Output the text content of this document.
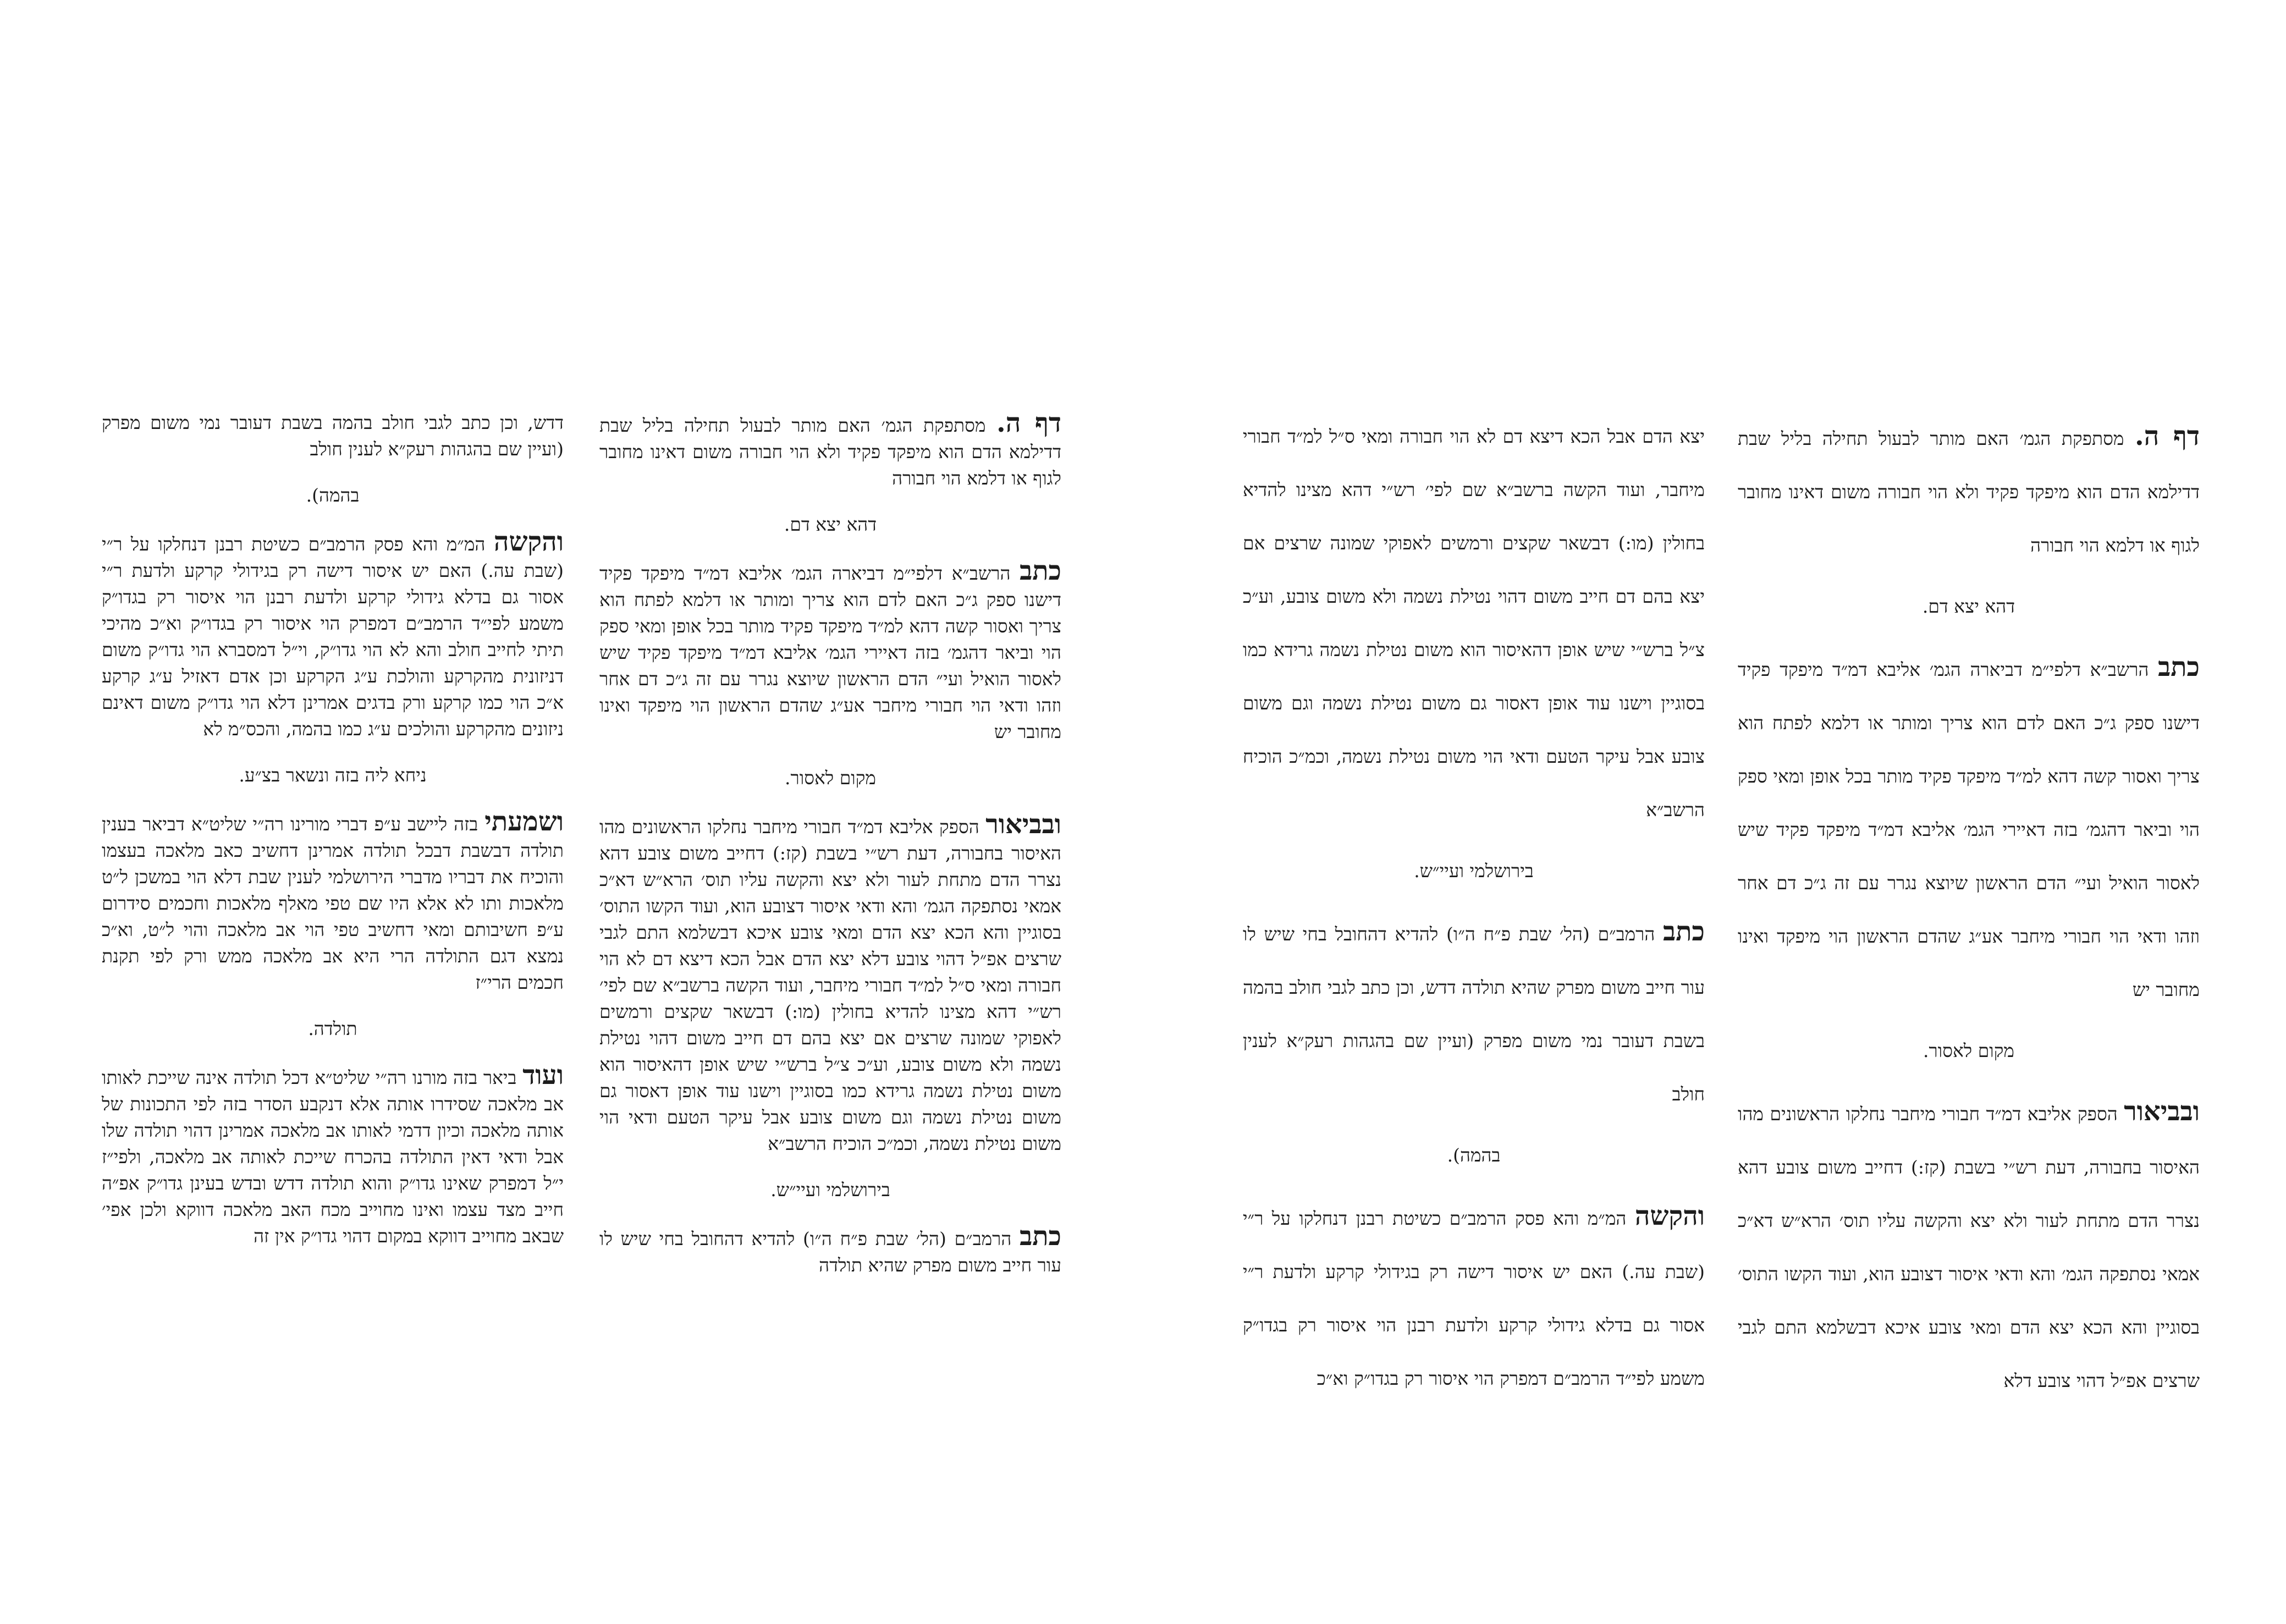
דף ה. מסתפקת הגמ׳ האם מותר לבעול תחילה בליל שבת דדילמא הדם הוא מיפקד פקיד ולא הוי חבורה משום דאינו מחובר לגוף או דלמא הוי חבורה

דהא יצא דם.

כתב הרשב״א דלפי״מ דביארה הגמ׳ אליבא דמ״ד מיפקד פקיד דישנו ספק ג״כ האם לדם הוא צריך ומותר או דלמא לפתח הוא צריך ואסור קשה דהא למ״ד מיפקד פקיד מותר בכל אופן ומאי ספק הוי וביאר דהגמ׳ בזה דאיירי הגמ׳ אליבא דמ״ד מיפקד פקיד שיש לאסור הואיל ועי״ הדם הראשון שיוצא נגרר עם זה ג״כ דם אחר וזהו ודאי הוי חבורי מיחבר אע״ג שהדם הראשון הוי מיפקד ואינו מחובר יש

מקום לאסור.

ובביאור הספק אליבא דמ״ד חבורי מיחבר נחלקו הראשונים מהו האיסור בחבורה, דעת רש״י בשבת (קז:) דחייב משום צובע דהא נצרר הדם מתחת לעור ולא יצא והקשה עליו תוס׳ הרא״ש דא״כ אמאי נסתפקה הגמ׳ והא ודאי איסור דצובע הוא, ועוד הקשו התוס׳ בסוגיין והא הכא יצא הדם ומאי צובע איכא דבשלמא התם לגבי שרצים אפ״ל דהוי צובע דלא

יצא הדם אבל הכא דיצא דם לא הוי חבורה ומאי ס״ל למ״ד חבורי מיחבר, ועוד הקשה ברשב״א שם לפי׳ רש״י דהא מצינו להדיא בחולין (מו:) דבשאר שקצים ורמשים לאפוקי שמונה שרצים אם יצא בהם דם חייב משום דהוי נטילת נשמה ולא משום צובע, וע״כ צ״ל ברש״י שיש אופן דהאיסור הוא משום נטילת נשמה גרידא כמו בסוגיין וישנו עוד אופן דאסור גם משום נטילת נשמה וגם משום צובע אבל עיקר הטעם ודאי הוי משום נטילת נשמה, וכמ״כ הוכיח הרשב״א

בירושלמי ועיי״ש.

כתב הרמב״ם (הל׳ שבת פ״ח ה״ו) להדיא דהחובל בחי שיש לו עור חייב משום מפרק שהיא תולדה דדש, וכן כתב לגבי חולב בהמה בשבת דעובר נמי משום מפרק (ועיין שם בהגהות רעק״א לענין חולב

בהמה).

והקשה המ״מ והא פסק הרמב״ם כשיטת רבנן דנחלקו על ר״י (שבת עה.) האם יש איסור דישה רק בגידולי קרקע ולדעת ר״י אסור גם בדלא גידולי קרקע ולדעת רבנן הוי איסור רק בגדו״ק משמע לפי״ד הרמב״ם דמפרק הוי איסור רק בגדו״ק וא״כ

דף ה. מסתפקת הגמ׳ האם מותר לבעול תחילה בליל שבת דדילמא הדם הוא מיפקד פקיד ולא הוי חבורה משום דאינו מחובר לגוף או דלמא הוי חבורה

דהא יצא דם.

כתב הרשב״א דלפי״מ דביארה הגמ׳ אליבא דמ״ד מיפקד פקיד דישנו ספק ג״כ האם לדם הוא צריך ומותר או דלמא לפתח הוא צריך ואסור קשה דהא למ״ד מיפקד פקיד מותר בכל אופן ומאי ספק הוי וביאר דהגמ׳ בזה דאיירי הגמ׳ אליבא דמ״ד מיפקד פקיד שיש לאסור הואיל ועי״ הדם הראשון שיוצא נגרר עם זה ג״כ דם אחר וזהו ודאי הוי חבורי מיחבר אע״ג שהדם הראשון הוי מיפקד ואינו מחובר יש

מקום לאסור.

ובביאור הספק אליבא דמ״ד חבורי מיחבר נחלקו הראשונים מהו האיסור בחבורה, דעת רש״י בשבת (קז:) דחייב משום צובע דהא נצרר הדם מתחת לעור ולא יצא והקשה עליו תוס׳ הרא״ש דא״כ אמאי נסתפקה הגמ׳ והא ודאי איסור דצובע הוא, ועוד הקשו התוס׳ בסוגיין והא הכא יצא הדם ומאי צובע איכא דבשלמא התם לגבי שרצים אפ״ל דהוי צובע דלא יצא הדם אבל הכא דיצא דם לא הוי חבורה ומאי ס״ל למ״ד חבורי מיחבר, ועוד הקשה ברשב״א שם לפי׳ רש״י דהא מצינו להדיא בחולין (מו:) דבשאר שקצים ורמשים לאפוקי שמונה שרצים אם יצא בהם דם חייב משום דהוי נטילת נשמה ולא משום צובע, וע״כ צ״ל ברש״י שיש אופן דהאיסור הוא משום נטילת נשמה גרידא כמו בסוגיין וישנו עוד אופן דאסור גם משום נטילת נשמה וגם משום צובע אבל עיקר הטעם ודאי הוי משום נטילת נשמה, וכמ״כ הוכיח הרשב״א

בירושלמי ועיי״ש.

כתב הרמב״ם (הל׳ שבת פ״ח ה״ו) להדיא דהחובל בחי שיש לו עור חייב משום מפרק שהיא תולדה

דדש, וכן כתב לגבי חולב בהמה בשבת דעובר נמי משום מפרק (ועיין שם בהגהות רעק״א לענין חולב

בהמה).

והקשה המ״מ והא פסק הרמב״ם כשיטת רבנן דנחלקו על ר״י (שבת עה.) האם יש איסור דישה רק בגידולי קרקע ולדעת ר״י אסור גם בדלא גידולי קרקע ולדעת רבנן הוי איסור רק בגדו״ק משמע לפי״ד הרמב״ם דמפרק הוי איסור רק בגדו״ק וא״כ מהיכי תיתי לחייב חולב והא לא הוי גדו״ק, וי״ל דמסברא הוי גדו״ק משום דניזונית מהקרקע והולכת ע״ג הקרקע וכן אדם דאזיל ע״ג קרקע א״כ הוי כמו קרקע ורק בדגים אמרינן דלא הוי גדו״ק משום דאינם ניזונים מהקרקע והולכים ע״ג כמו בהמה, והכס״מ לא

ניחא ליה בזה ונשאר בצ״ע.

ושמעתי בזה ליישב ע״פ דברי מורינו רה״י שליט״א דביאר בענין תולדה דבשבת דבכל תולדה אמרינן דחשיב כאב מלאכה בעצמו והוכיח את דבריו מדברי הירושלמי לענין שבת דלא הוי במשכן ל״ט מלאכות ותו לא אלא היו שם טפי מאלף מלאכות וחכמים סידרום ע״פ חשיבותם ומאי דחשיב טפי הוי אב מלאכה והוי ל״ט, וא״כ נמצא דגם התולדה הרי היא אב מלאכה ממש ורק לפי תקנת חכמים הרי״ז

תולדה.

ועוד ביאר בזה מורנו רה״י שליט״א דכל תולדה אינה שייכת לאותו אב מלאכה שסידרו אותה אלא דנקבע הסדר בזה לפי התכונות של אותה מלאכה וכיון דדמי לאותו אב מלאכה אמרינן דהוי תולדה שלו אבל ודאי דאין התולדה בהכרח שייכת לאותה אב מלאכה, ולפי״ז י״ל דמפרק שאינו גדו״ק והוא תולדה דדש ובדש בעינן גדו״ק אפ״ה חייב מצד עצמו ואינו מחוייב מכח האב מלאכה דווקא ולכן אפי׳ שבאב מחוייב דווקא במקום דהוי גדו״ק אין זה
